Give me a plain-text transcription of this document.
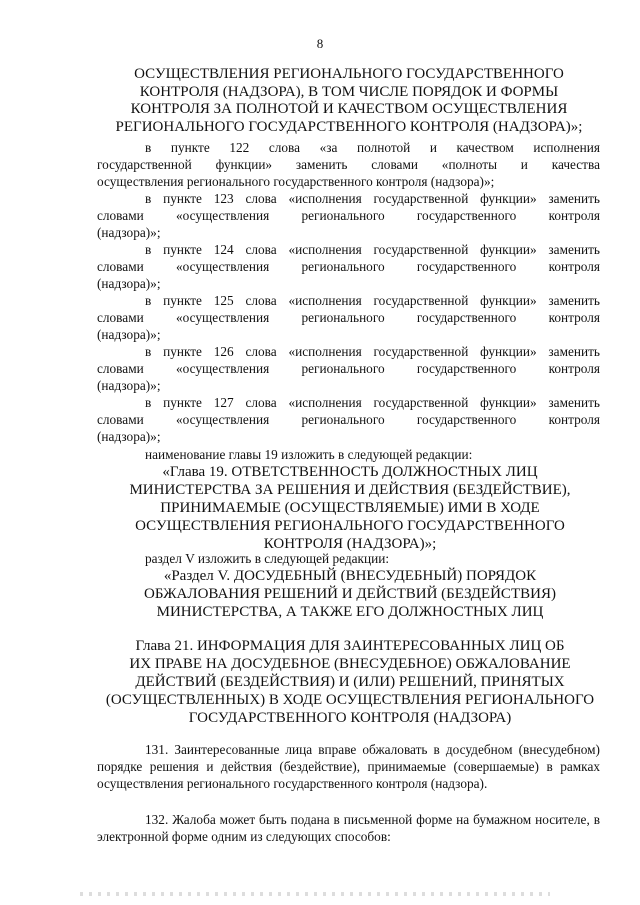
8
ОСУЩЕСТВЛЕНИЯ РЕГИОНАЛЬНОГО ГОСУДАРСТВЕННОГО
КОНТРОЛЯ (НАДЗОРА), В ТОМ ЧИСЛЕ ПОРЯДОК И ФОРМЫ
КОНТРОЛЯ ЗА ПОЛНОТОЙ И КАЧЕСТВОМ ОСУЩЕСТВЛЕНИЯ
РЕГИОНАЛЬНОГО ГОСУДАРСТВЕННОГО КОНТРОЛЯ (НАДЗОРА)»;
в пункте 122 слова «за полнотой и качеством исполнения
государственной функции» заменить словами «полноты и качества
осуществления регионального государственного контроля (надзора)»;
в пункте 123 слова «исполнения государственной функции» заменить
словами «осуществления регионального государственного контроля
(надзора)»;
в пункте 124 слова «исполнения государственной функции» заменить
словами «осуществления регионального государственного контроля
(надзора)»;
в пункте 125 слова «исполнения государственной функции» заменить
словами «осуществления регионального государственного контроля
(надзора)»;
в пункте 126 слова «исполнения государственной функции» заменить
словами «осуществления регионального государственного контроля
(надзора)»;
в пункте 127 слова «исполнения государственной функции» заменить
словами «осуществления регионального государственного контроля
(надзора)»;
наименование главы 19 изложить в следующей редакции:
«Глава 19. ОТВЕТСТВЕННОСТЬ ДОЛЖНОСТНЫХ ЛИЦ
МИНИСТЕРСТВА ЗА РЕШЕНИЯ И ДЕЙСТВИЯ (БЕЗДЕЙСТВИЕ),
ПРИНИМАЕМЫЕ (ОСУЩЕСТВЛЯЕМЫЕ) ИМИ В ХОДЕ
ОСУЩЕСТВЛЕНИЯ РЕГИОНАЛЬНОГО ГОСУДАРСТВЕННОГО
КОНТРОЛЯ (НАДЗОРА)»;
раздел V изложить в следующей редакции:
«Раздел V. ДОСУДЕБНЫЙ (ВНЕСУДЕБНЫЙ) ПОРЯДОК
ОБЖАЛОВАНИЯ РЕШЕНИЙ И ДЕЙСТВИЙ (БЕЗДЕЙСТВИЯ)
МИНИСТЕРСТВА, А ТАКЖЕ ЕГО ДОЛЖНОСТНЫХ ЛИЦ
Глава 21. ИНФОРМАЦИЯ ДЛЯ ЗАИНТЕРЕСОВАННЫХ ЛИЦ ОБ
ИХ ПРАВЕ НА ДОСУДЕБНОЕ (ВНЕСУДЕБНОЕ) ОБЖАЛОВАНИЕ
ДЕЙСТВИЙ (БЕЗДЕЙСТВИЯ) И (ИЛИ) РЕШЕНИЙ, ПРИНЯТЫХ
(ОСУЩЕСТВЛЕННЫХ) В ХОДЕ ОСУЩЕСТВЛЕНИЯ РЕГИОНАЛЬНОГО
ГОСУДАРСТВЕННОГО КОНТРОЛЯ (НАДЗОРА)

131. Заинтересованные лица вправе обжаловать в досудебном (внесудебном) порядке решения и действия (бездействие), принимаемые (совершаемые) в рамках осуществления регионального государственного контроля (надзора).

132. Жалоба может быть подана в письменной форме на бумажном носителе, в электронной форме одним из следующих способов:
